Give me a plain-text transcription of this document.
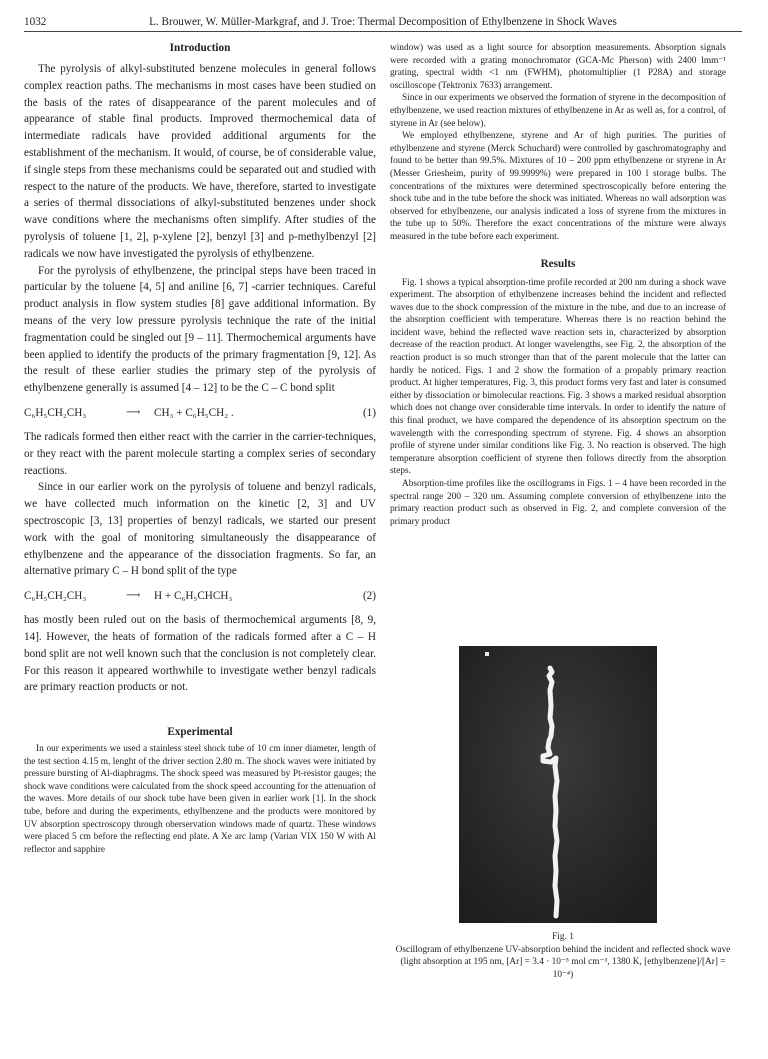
1032	L. Brouwer, W. Müller-Markgraf, and J. Troe: Thermal Decomposition of Ethylbenzene in Shock Waves
Introduction

The pyrolysis of alkyl-substituted benzene molecules in general follows complex reaction paths. The mechanisms in most cases have been studied on the basis of the rates of disappearance of the parent molecules and of appearance of stable final products. Improved thermochemical data of intermediate radicals have provided additional arguments for the establishment of the mechanism. It would, of course, be of considerable value, if single steps from these mechanisms could be separated out and studied with respect to the nature of the products. We have, therefore, started to investigate a series of thermal dissociations of alkyl-substituted benzenes under shock wave conditions where the mechanisms often simplify. After studies of the pyrolysis of toluene [1, 2], p-xylene [2], benzyl [3] and p-methylbenzyl [2] radicals we now have investigated the pyrolysis of ethylbenzene.

For the pyrolysis of ethylbenzene, the principal steps have been traced in particular by the toluene [4, 5] and aniline [6, 7] -carrier techniques. Careful product analysis in flow system studies [8] gave additional information. By means of the very low pressure pyrolysis technique the rate of the initial fragmentation could be singled out [9 – 11]. Thermochemical arguments have been applied to identify the products of the primary fragmentation [9, 12]. As the result of these earlier studies the primary step of the pyrolysis of ethylbenzene generally is assumed [4 – 12] to be the C – C bond split

C₆H₅CH₂CH₃	⟶ CH₃ + C₆H₅CH₂ .	(1)

The radicals formed then either react with the carrier in the carrier-techniques, or they react with the parent molecule starting a complex series of secondary reactions.

Since in our earlier work on the pyrolysis of toluene and benzyl radicals, we have collected much information on the kinetic [2, 3] and UV spectroscopic [3, 13] properties of benzyl radicals, we started our present work with the goal of monitoring simultaneously the disappearance of ethylbenzene and the appearance of the dissociation fragments. So far, an alternative primary C – H bond split of the type

C₆H₅CH₂CH₃	⟶ H + C₆H₅CHCH₃	(2)

has mostly been ruled out on the basis of thermochemical arguments [8, 9, 14]. However, the heats of formation of the radicals formed after a C – H bond split are not well known such that the conclusion is not completely clear. For this reason it appeared worthwhile to investigate wether benzyl radicals are primary reaction products or not.

Experimental

In our experiments we used a stainless steel shock tube of 10 cm inner diameter, length of the test section 4.15 m, lenght of the driver section 2.80 m. The shock waves were initiated by pressure bursting of Al-diaphragms. The shock speed was measured by Pt-resistor gauges; the shock wave conditions were calculated from the shock speed accounting for the attenuation of the waves. More details of our shock tube have been given in earlier work [1]. In the shock tube, before and during the experiments, ethylbenzene and the products were monitored by UV absorption spectroscopy through oberservation windows made of quartz. These windows were placed 5 cm before the reflecting end plate. A Xe arc lamp (Varian VIX 150 W with Al reflector and sapphire

window) was used as a light source for absorption measurements. Absorption signals were recorded with a grating monochromator (GCA-Mc Pherson) with 2400 lmm⁻¹ grating, spectral width <1 nm (FWHM), photomultiplier (1 P28A) and storage oscilloscope (Tektronix 7633) arrangement.

Since in our experiments we observed the formation of styrene in the decomposition of ethylbenzene, we used reaction mixtures of ethylbenzene in Ar as well as, for a control, of styrene in Ar (see below).

We employed ethylbenzene, styrene and Ar of high purities. The purities of ethylbenzene and styrene (Merck Schuchard) were controlled by gaschromatography and found to be better than 99.5%. Mixtures of 10 – 200 ppm ethylbenzene or styrene in Ar (Messer Griesheim, purity of 99.9999%) were prepared in 100 l storage bulbs. The concentrations of the mixtures were determined spectroscopically before entering the shock tube and in the tube before the shock was initiated. Whereas no wall adsorption was observed for ethylbenzene, our analysis indicated a loss of styrene from the mixtures in the tube up to 50%. Therefore the exact concentrations of the mixture were always measured in the tube before each experiment.

Results

Fig. 1 shows a typical absorption-time profile recorded at 200 nm during a shock wave experiment. The absorption of ethylbenzene increases behind the incident and reflected waves due to the shock compression of the mixture in the tube, and due to an increase of the absorption coefficient with temperature. Whereas there is no reaction behind the incident wave, behind the reflected wave reaction sets in, characterized by absorption decrease of the reaction product. At longer wavelengths, see Fig. 2, the absorption of the reaction product is so much stronger than that of the parent molecule that the latter can hardly be noticed. Figs. 1 and 2 show the formation of a propably primary reaction product. At higher temperatures, Fig. 3, this product forms very fast and later is consumed either by dissociation or bimolecular reactions. Fig. 3 shows a marked residual absorption which does not change over considerable time intervals. In order to identify the nature of this final product, we have compared the dependence of its absorption spectrum on the wavelength with the corresponding spectrum of styrene. Fig. 4 shows an absorption profile of styrene under similar conditions like Fig. 3. No reaction is observed. The high temperature absorption coefficient of styrene then follows directly from the absorption steps.

Absorption-time profiles like the oscillograms in Figs. 1 – 4 have been recorded in the spectral range 200 – 320 nm. Assuming complete conversion of ethylbenzene into the primary reaction product such as observed in Fig. 2, and complete conversion of the primary product

Fig. 1
Oscillogram of ethylbenzene UV-absorption behind the incident and reflected shock wave (light absorption at 195 nm, [Ar] = 3.4 · 10⁻⁵ mol cm⁻³, 1380 K, [ethylbenzene]/[Ar] = 10⁻⁴)
